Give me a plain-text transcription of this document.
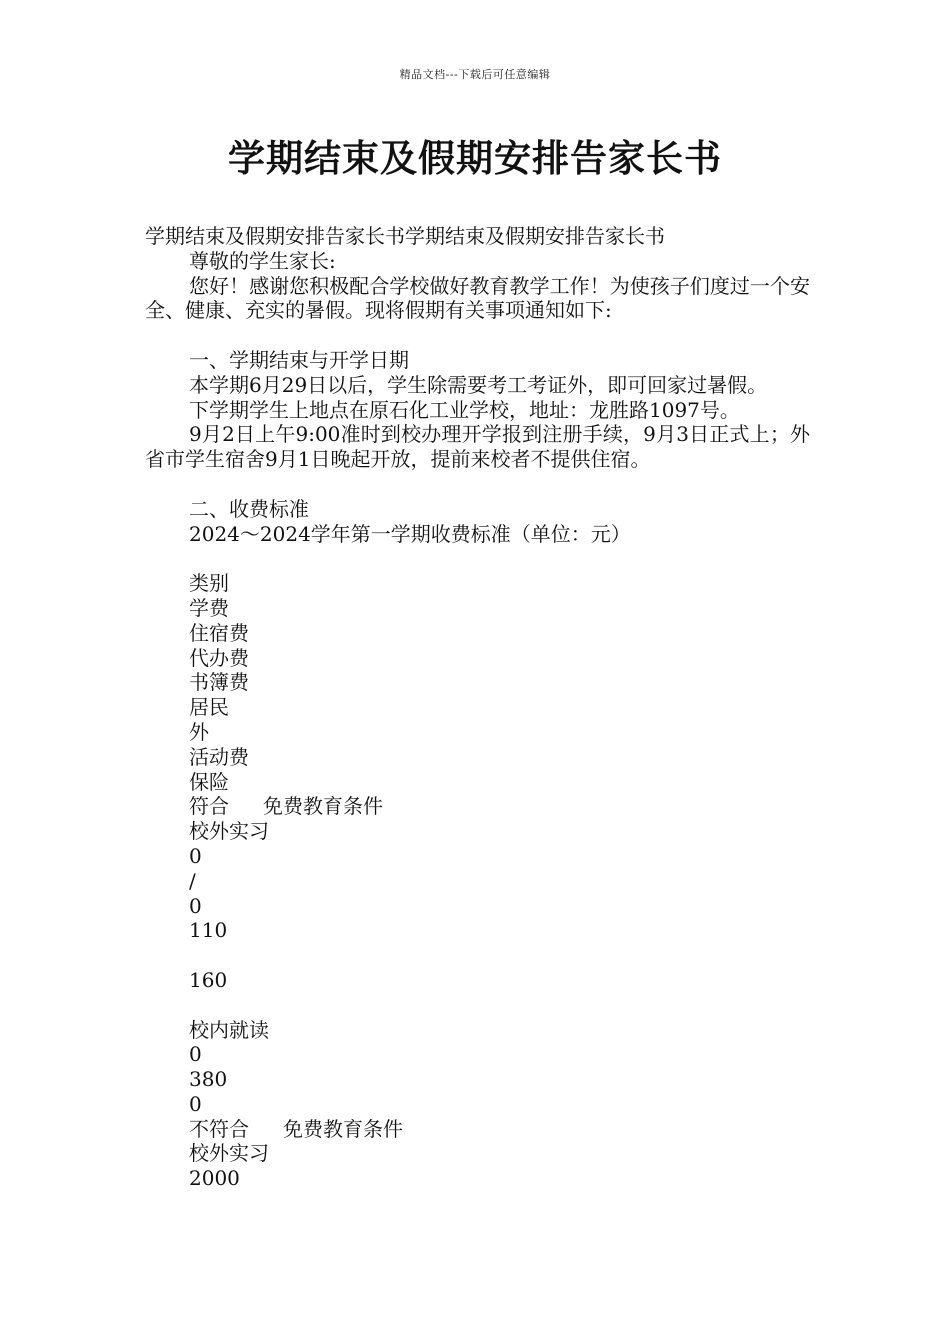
精品文档---下载后可任意编辑
学期结束及假期安排告家长书
学期结束及假期安排告家长书学期结束及假期安排告家长书
尊敬的学生家长:
您好！感谢您积极配合学校做好教育教学工作！为使孩子们度过一个安全、健康、充实的暑假。现将假期有关事项通知如下:
一、学期结束与开学日期
本学期6月29日以后，学生除需要考工考证外，即可回家过暑假。
下学期学生上地点在原石化工业学校，地址：龙胜路1097号。
9月2日上午9:00准时到校办理开学报到注册手续，9月3日正式上；外省市学生宿舍9月1日晚起开放，提前来校者不提供住宿。
二、收费标准
2024～2024学年第一学期收费标准（单位：元）
类别
学费
住宿费
代办费
书簿费
居民
外
活动费
保险
符合 免费教育条件
校外实习
0
/
0
110
160
校内就读
0
380
0
不符合 免费教育条件
校外实习
2000
